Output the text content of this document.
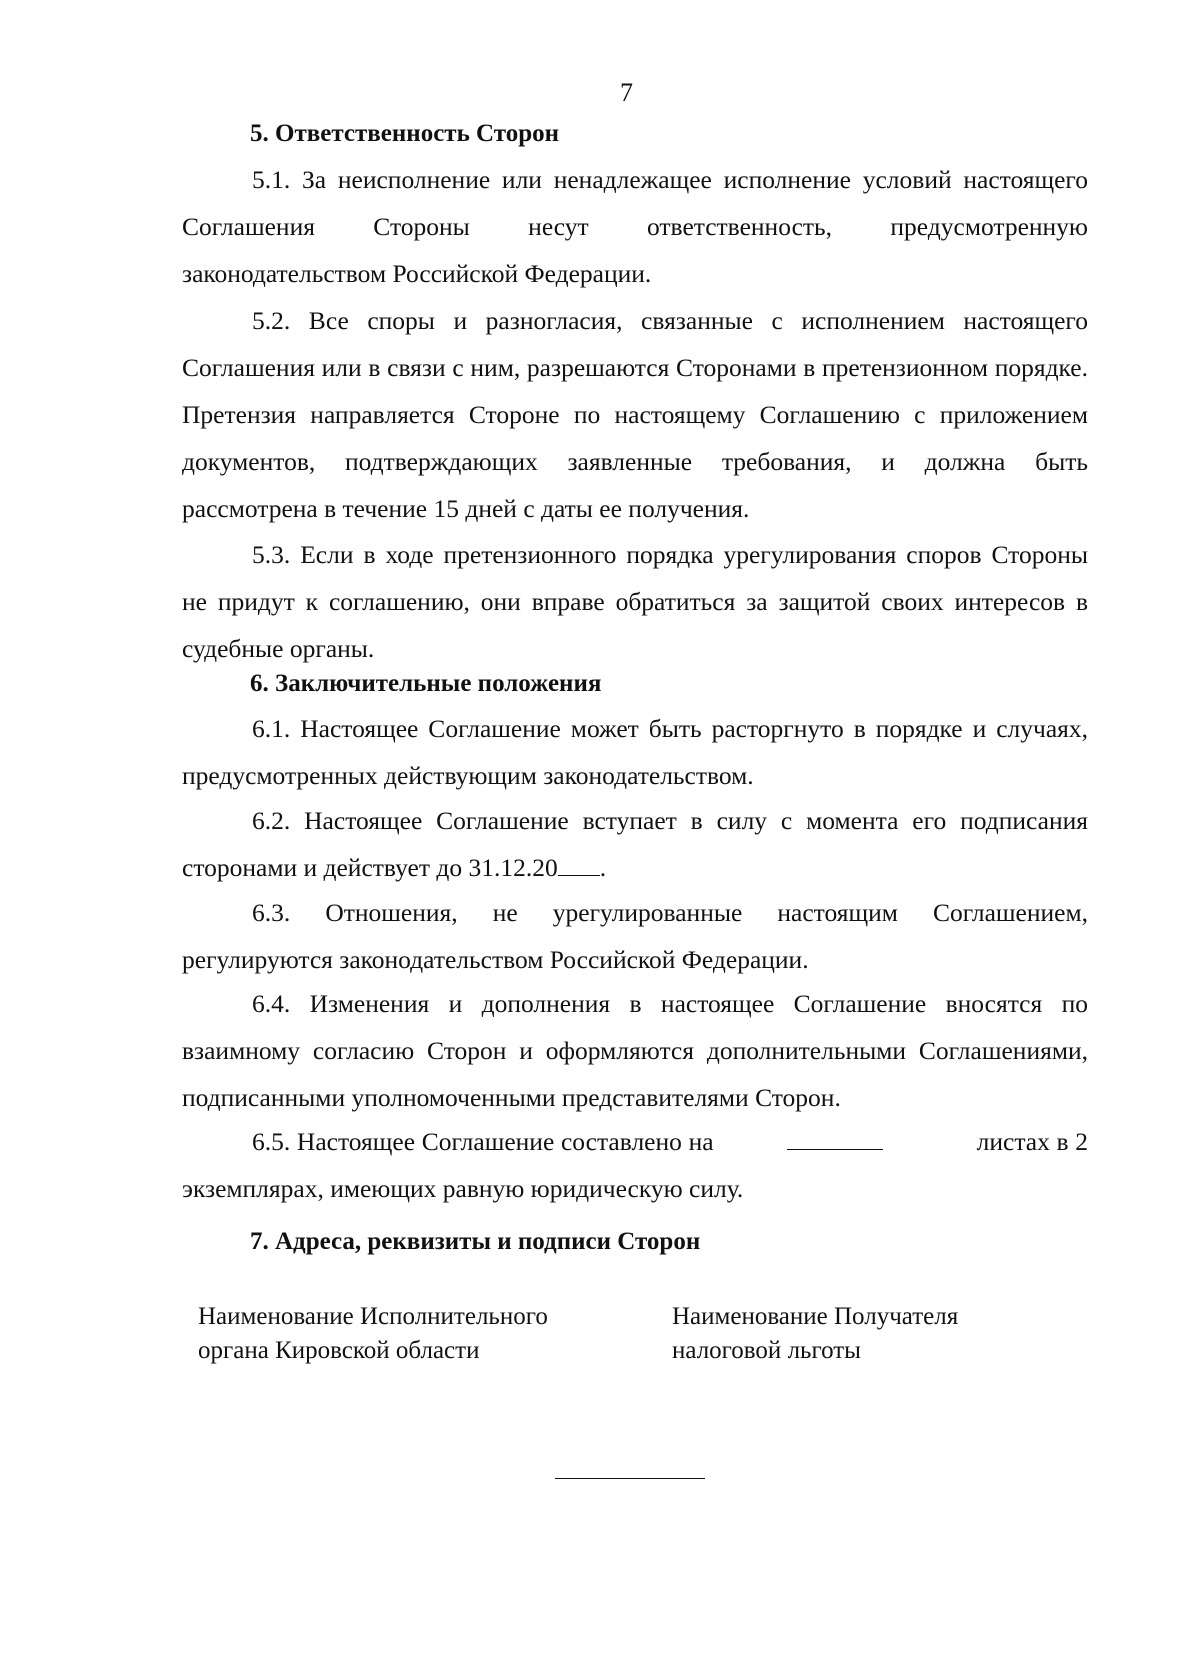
7
5. Ответственность Сторон

5.1. За неисполнение или ненадлежащее исполнение условий настоящего Соглашения Стороны несут ответственность, предусмотренную законодательством Российской Федерации.

5.2. Все споры и разногласия, связанные с исполнением настоящего Соглашения или в связи с ним, разрешаются Сторонами в претензионном порядке. Претензия направляется Стороне по настоящему Соглашению с приложением документов, подтверждающих заявленные требования, и должна быть рассмотрена в течение 15 дней с даты ее получения.

5.3. Если в ходе претензионного порядка урегулирования споров Стороны не придут к соглашению, они вправе обратиться за защитой своих интересов в судебные органы.

6. Заключительные положения

6.1. Настоящее Соглашение может быть расторгнуто в порядке и случаях, предусмотренных действующим законодательством.

6.2. Настоящее Соглашение вступает в силу с момента его подписания сторонами и действует до 31.12.20 .

6.3. Отношения, не урегулированные настоящим Соглашением, регулируются законодательством Российской Федерации.

6.4. Изменения и дополнения в настоящее Соглашение вносятся по взаимному согласию Сторон и оформляются дополнительными Соглашениями, подписанными уполномоченными представителями Сторон.

6.5. Настоящее Соглашение составлено на	листах в 2 экземплярах, имеющих равную юридическую силу.

7. Адреса, реквизиты и подписи Сторон
Наименование Исполнительного
органа Кировской области
Наименование Получателя
налоговой льготы
